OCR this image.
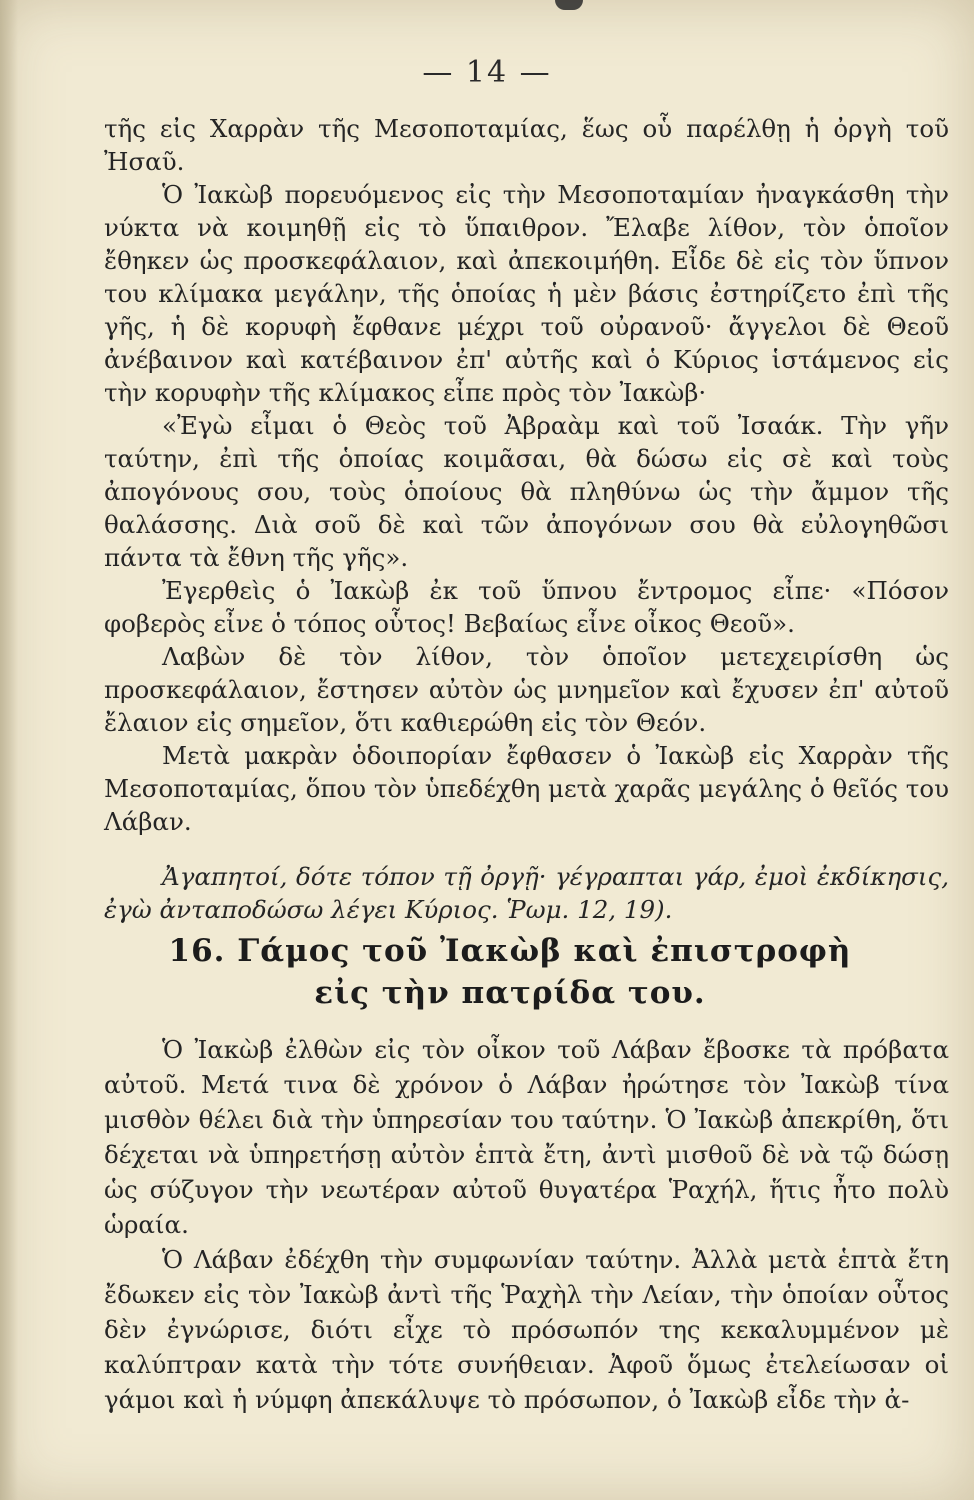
— 14 —

τῆς εἰς Χαρρὰν τῆς Μεσοποταμίας, ἕως οὗ παρέλθῃ ἡ ὀργὴ τοῦ Ἠσαῦ.

Ὁ Ἰακὼβ πορευόμενος εἰς τὴν Μεσοποταμίαν ἠναγκάσθη τὴν νύκτα νὰ κοιμηθῇ εἰς τὸ ὕπαιθρον. Ἔλαβε λίθον, τὸν ὁποῖον ἔθηκεν ὡς προσκεφάλαιον, καὶ ἀπεκοιμήθη. Εἶδε δὲ εἰς τὸν ὕπνον του κλίμακα μεγάλην, τῆς ὁποίας ἡ μὲν βάσις ἐστηρίζετο ἐπὶ τῆς γῆς, ἡ δὲ κορυφὴ ἔφθανε μέχρι τοῦ οὐρανοῦ· ἄγγελοι δὲ Θεοῦ ἀνέβαινον καὶ κατέβαινον ἐπ' αὐτῆς καὶ ὁ Κύριος ἱστάμενος εἰς τὴν κορυφὴν τῆς κλίμακος εἶπε πρὸς τὸν Ἰακὼβ·

«Ἐγὼ εἶμαι ὁ Θεὸς τοῦ Ἀβραὰμ καὶ τοῦ Ἰσαάκ. Τὴν γῆν ταύτην, ἐπὶ τῆς ὁποίας κοιμᾶσαι, θὰ δώσω εἰς σὲ καὶ τοὺς ἀπογόνους σου, τοὺς ὁποίους θὰ πληθύνω ὡς τὴν ἄμμον τῆς θαλάσσης. Διὰ σοῦ δὲ καὶ τῶν ἀπογόνων σου θὰ εὐλογηθῶσι πάντα τὰ ἔθνη τῆς γῆς».

Ἐγερθεὶς ὁ Ἰακὼβ ἐκ τοῦ ὕπνου ἔντρομος εἶπε· «Πόσον φοβερὸς εἶνε ὁ τόπος οὗτος! Βεβαίως εἶνε οἶκος Θεοῦ».

Λαβὼν δὲ τὸν λίθον, τὸν ὁποῖον μετεχειρίσθη ὡς προσκεφάλαιον, ἔστησεν αὐτὸν ὡς μνημεῖον καὶ ἔχυσεν ἐπ' αὐτοῦ ἔλαιον εἰς σημεῖον, ὅτι καθιερώθη εἰς τὸν Θεόν.

Μετὰ μακρὰν ὁδοιπορίαν ἔφθασεν ὁ Ἰακὼβ εἰς Χαρρὰν τῆς Μεσοποταμίας, ὅπου τὸν ὑπεδέχθη μετὰ χαρᾶς μεγάλης ὁ θεῖός του Λάβαν.

Ἀγαπητοί, δότε τόπον τῇ ὀργῇ· γέγραπται γάρ, ἐμοὶ ἐκδίκησις, ἐγὼ ἀνταποδώσω λέγει Κύριος. Ῥωμ. 12, 19).

16. Γάμος τοῦ Ἰακὼβ καὶ ἐπιστροφὴ εἰς τὴν πατρίδα του.

Ὁ Ἰακὼβ ἐλθὼν εἰς τὸν οἶκον τοῦ Λάβαν ἔβοσκε τὰ πρόβατα αὐτοῦ. Μετά τινα δὲ χρόνον ὁ Λάβαν ἠρώτησε τὸν Ἰακὼβ τίνα μισθὸν θέλει διὰ τὴν ὑπηρεσίαν του ταύτην. Ὁ Ἰακὼβ ἀπεκρίθη, ὅτι δέχεται νὰ ὑπηρετήσῃ αὐτὸν ἑπτὰ ἔτη, ἀντὶ μισθοῦ δὲ νὰ τῷ δώσῃ ὡς σύζυγον τὴν νεωτέραν αὐτοῦ θυγατέρα Ῥαχήλ, ἥτις ἦτο πολὺ ὡραία.

Ὁ Λάβαν ἐδέχθη τὴν συμφωνίαν ταύτην. Ἀλλὰ μετὰ ἑπτὰ ἔτη ἔδωκεν εἰς τὸν Ἰακὼβ ἀντὶ τῆς Ῥαχὴλ τὴν Λείαν, τὴν ὁποίαν οὗτος δὲν ἐγνώρισε, διότι εἶχε τὸ πρόσωπόν της κεκαλυμμένον μὲ καλύπτραν κατὰ τὴν τότε συνήθειαν. Ἀφοῦ ὅμως ἐτελείωσαν οἱ γάμοι καὶ ἡ νύμφη ἀπεκάλυψε τὸ πρόσωπον, ὁ Ἰακὼβ εἶδε τὴν ἀ-
